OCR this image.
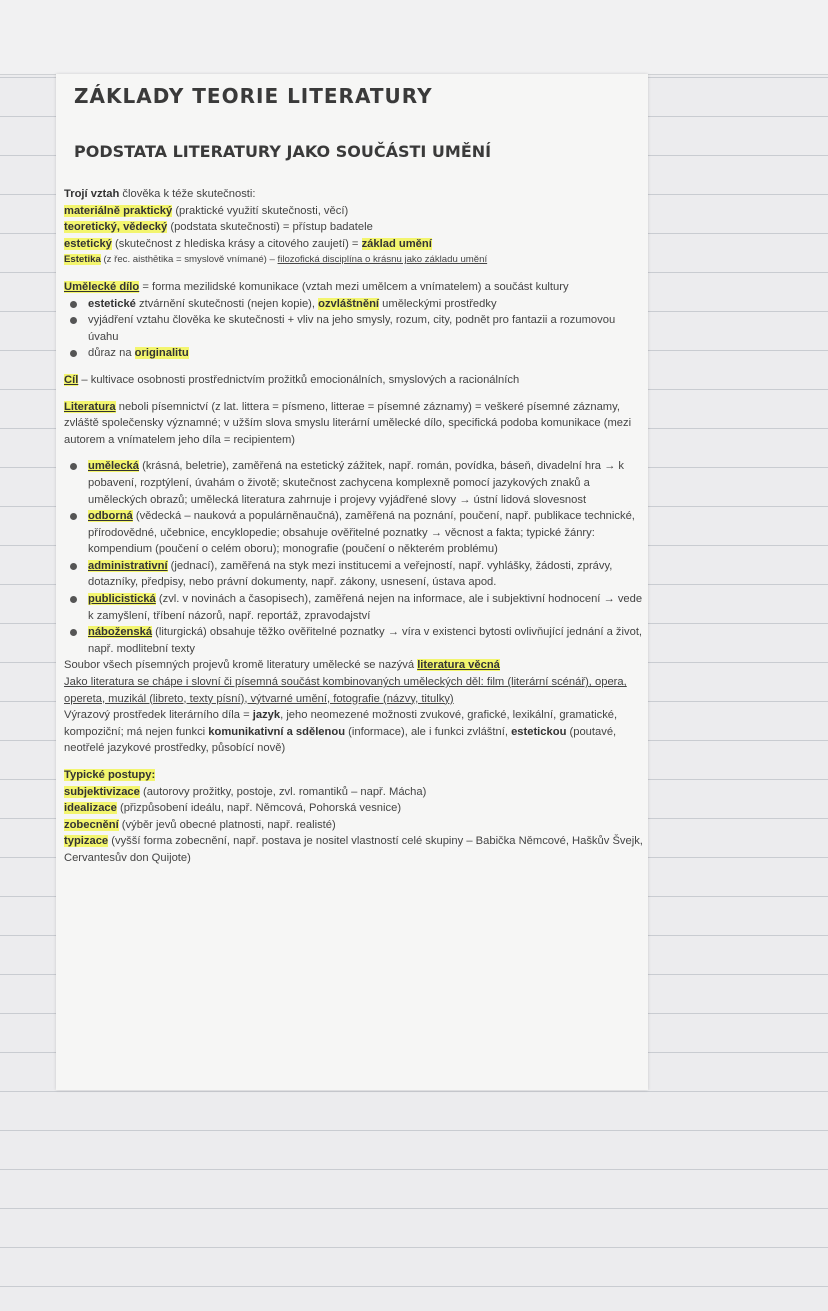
ZÁKLADY TEORIE LITERATURY
PODSTATA LITERATURY JAKO SOUČÁSTI UMĚNÍ

Trojí vztah člověka k téže skutečnosti:

materiálně praktický (praktické využití skutečnosti, věcí)

teoretický, vědecký (podstata skutečnosti) = přístup badatele

estetický (skutečnost z hlediska krásy a citového zaujetí) = základ umění

Estetika (z řec. aisthētika = smyslově vnímané) – filozofická disciplína o krásnu jako základu umění

Umělecké dílo = forma mezilidské komunikace (vztah mezi umělcem a vnímatelem) a součást kultury

estetické ztvárnění skutečnosti (nejen kopie), ozvláštnění uměleckými prostředky
vyjádření vztahu člověka ke skutečnosti + vliv na jeho smysly, rozum, city, podnět pro fantazii a rozumovou úvahu
důraz na originalitu

Cíl – kultivace osobnosti prostřednictvím prožitků emocionálních, smyslových a racionálních

Literatura neboli písemnictví (z lat. littera = písmeno, litterae = písemné záznamy) = veškeré písemné záznamy, zvláště společensky významné; v užším slova smyslu literární umělecké dílo, specifická podoba komunikace (mezi autorem a vnímatelem jeho díla = recipientem)

umělecká (krásná, beletrie), zaměřená na estetický zážitek, např. román, povídka, báseň, divadelní hra → k pobavení, rozptýlení, úvahám o životě; skutečnost zachycena komplexně pomocí jazykových znaků a uměleckých obrazů; umělecká literatura zahrnuje i projevy vyjádřené slovy → ústní lidová slovesnost
odborná (vědecká – naukovά a populárněnaučná), zaměřená na poznání, poučení, např. publikace technické, přírodovědné, učebnice, encyklopedie; obsahuje ověřitelné poznatky → věcnost a fakta; typické žánry: kompendium (poučení o celém oboru); monografie (poučení o některém problému)
administrativní (jednací), zaměřená na styk mezi institucemi a veřejností, např. vyhlášky, žádosti, zprávy, dotazníky, předpisy, nebo právní dokumenty, např. zákony, usnesení, ústava apod.
publicistická (zvl. v novinách a časopisech), zaměřená nejen na informace, ale i subjektivní hodnocení → vede k zamyšlení, tříbení názorů, např. reportáž, zpravodajství
náboženská (liturgická) obsahuje těžko ověřitelné poznatky → víra v existenci bytosti ovlivňující jednání a život, např. modlitební texty

Soubor všech písemných projevů kromě literatury umělecké se nazývá literatura věcná

Jako literatura se chápe i slovní či písemná součást kombinovaných uměleckých děl: film (literární scénář), opera, opereta, muzikál (libreto, texty písní), výtvarné umění, fotografie (názvy, titulky)

Výrazový prostředek literárního díla = jazyk, jeho neomezené možnosti zvukové, grafické, lexikální, gramatické, kompoziční; má nejen funkci komunikativní a sdělenou (informace), ale i funkci zvláštní, estetickou (poutavé, neotřelé jazykové prostředky, působící nově)

Typické postupy:

subjektivizace (autorovy prožitky, postoje, zvl. romantiků – např. Mácha)

idealizace (přizpůsobení ideálu, např. Němcová, Pohorská vesnice)

zobecnění (výběr jevů obecné platnosti, např. realisté)

typizace (vyšší forma zobecnění, např. postava je nositel vlastností celé skupiny – Babička Němcové, Haškův Švejk, Cervantesův don Quijote)
